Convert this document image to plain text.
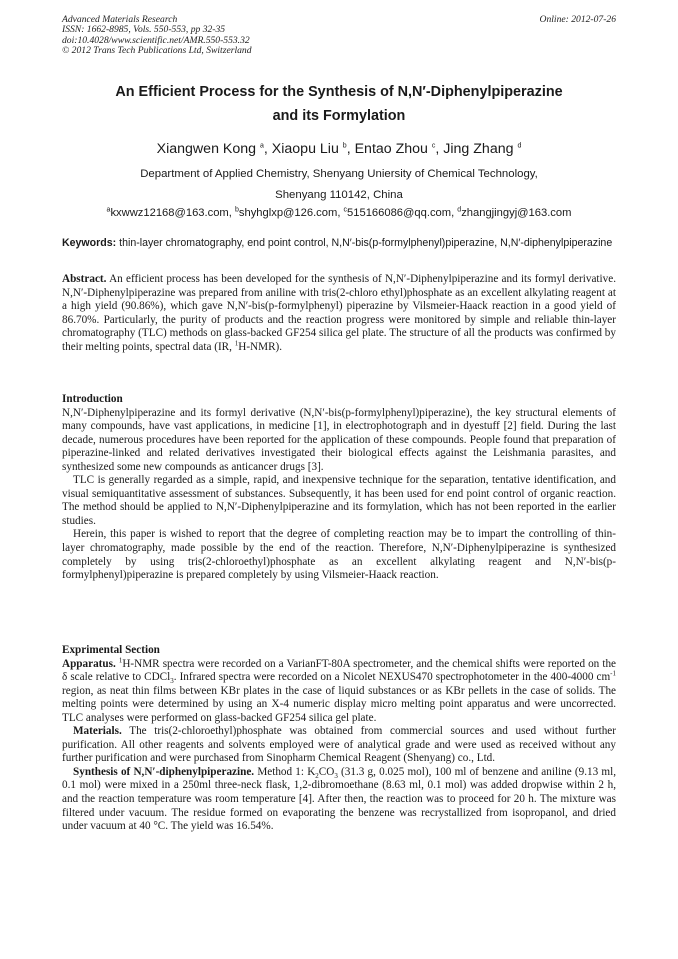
Advanced Materials Research
ISSN: 1662-8985, Vols. 550-553, pp 32-35
doi:10.4028/www.scientific.net/AMR.550-553.32
© 2012 Trans Tech Publications Ltd, Switzerland
Online: 2012-07-26
An Efficient Process for the Synthesis of N,N′-Diphenylpiperazine
and its Formylation
Xiangwen Kong $^a$, Xiaopu Liu $^b$, Entao Zhou $^c$, Jing Zhang $^d$
Department of Applied Chemistry, Shenyang Uniersity of Chemical Technology,
Shenyang 110142, China
$^a$kxwwz12168@163.com, $^b$shyhglxp@126.com, $^c$515166086@qq.com, $^d$zhangjingyj@163.com
Keywords: thin-layer chromatography, end point control, N,N′-bis(p-formylphenyl)piperazine, N,N′-diphenylpiperazine

Abstract. An efficient process has been developed for the synthesis of N,N′-Diphenylpiperazine and its formyl derivative. N,N′-Diphenylpiperazine was prepared from aniline with tris(2-chloro ethyl)phosphate as an excellent alkylating reagent at a high yield (90.86%), which gave N,N′-bis(p-formylphenyl) piperazine by Vilsmeier-Haack reaction in a good yield of 86.70%. Particularly, the purity of products and the reaction progress were monitored by simple and reliable thin-layer chromatography (TLC) methods on glass-backed GF254 silica gel plate. The structure of all the products was confirmed by their melting points, spectral data (IR, $^1$H-NMR).

Introduction

N,N′-Diphenylpiperazine and its formyl derivative (N,N′-bis(p-formylphenyl)piperazine), the key structural elements of many compounds, have vast applications, in medicine [1], in electrophotograph and in dyestuff [2] field. During the last decade, numerous procedures have been reported for the application of these compounds. People found that preparation of piperazine-linked and related derivatives investigated their biological effects against the Leishmania parasites, and synthesized some new compounds as anticancer drugs [3].

TLC is generally regarded as a simple, rapid, and inexpensive technique for the separation, tentative identification, and visual semiquantitative assessment of substances. Subsequently, it has been used for end point control of organic reaction. The method should be applied to N,N′-Diphenylpiperazine and its formylation, which has not been reported in the earlier studies.

Herein, this paper is wished to report that the degree of completing reaction may be to impart the controlling of thin-layer chromatography, made possible by the end of the reaction. Therefore, N,N′-Diphenylpiperazine is synthesized completely by using tris(2-chloroethyl)phosphate as an excellent alkylating reagent and N,N′-bis(p-formylphenyl)piperazine is prepared completely by using Vilsmeier-Haack reaction.

Exprimental Section

Apparatus. $^1$H-NMR spectra were recorded on a VarianFT-80A spectrometer, and the chemical shifts were reported on the δ scale relative to CDCl$_3$. Infrared spectra were recorded on a Nicolet NEXUS470 spectrophotometer in the 400-4000 $cm^{-1}$ region, as neat thin films between KBr plates in the case of liquid substances or as KBr pellets in the case of solids. The melting points were determined by using an X-4 numeric display micro melting point apparatus and were uncorrected. TLC analyses were performed on glass-backed GF254 silica gel plate.

Materials. The tris(2-chloroethyl)phosphate was obtained from commercial sources and used without further purification. All other reagents and solvents employed were of analytical grade and were used as received without any further purification and were purchased from Sinopharm Chemical Reagent (Shenyang) co., Ltd.

Synthesis of N,N′-diphenylpiperazine. Method 1: $K_2CO_3$ (31.3 g, 0.025 mol), 100 ml of benzene and aniline (9.13 ml, 0.1 mol) were mixed in a 250ml three-neck flask, 1,2-dibromoethane (8.63 ml, 0.1 mol) was added dropwise within 2 h, and the reaction temperature was room temperature [4]. After then, the reaction was to proceed for 20 h. The mixture was filtered under vacuum. The residue formed on evaporating the benzene was recrystallized from isopropanol, and dried under vacuum at 40 °C. The yield was 16.54%.
